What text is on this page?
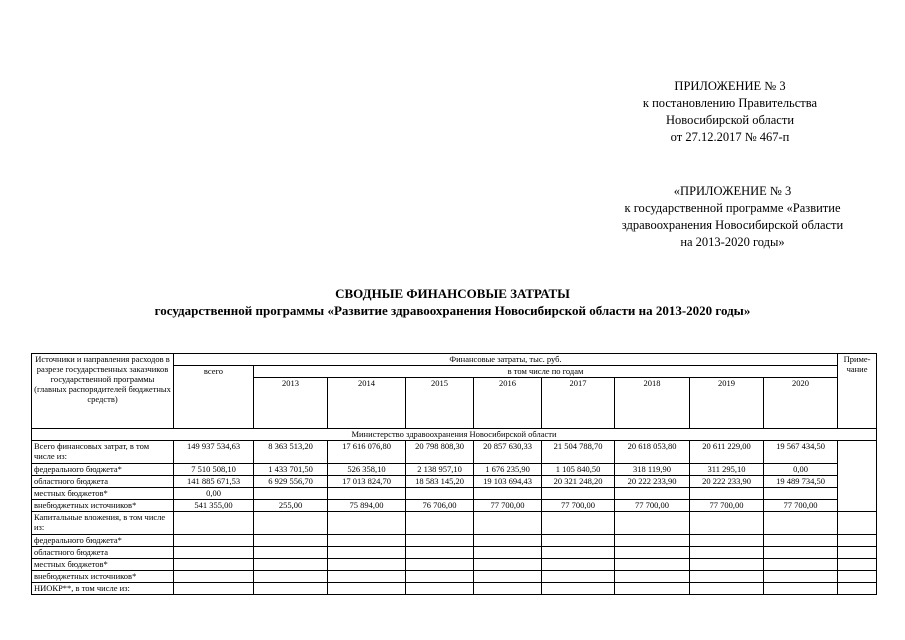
ПРИЛОЖЕНИЕ № 3
к постановлению Правительства
Новосибирской области
от 27.12.2017 № 467-п
«ПРИЛОЖЕНИЕ № 3
к государственной программе «Развитие
здравоохранения Новосибирской области
на 2013-2020 годы»
СВОДНЫЕ ФИНАНСОВЫЕ ЗАТРАТЫ
государственной программы «Развитие здравоохранения Новосибирской области на 2013-2020 годы»
Источники и направления расходов в разрезе государственных заказчиков государственной программы (главных распорядителей бюджетных средств)	Финансовые затраты, тыс. руб.									Приме-чание
	всего	в том числе по годам								
		2013	2014	2015	2016	2017	2018	2019	2020	
Министерство здравоохранения Новосибирской области										
Всего финансовых затрат, в том числе из:	149 937 534,63	8 363 513,20	17 616 076,80	20 798 808,30	20 857 630,33	21 504 788,70	20 618 053,80	20 611 229,00	19 567 434,50	
федерального бюджета*	7 510 508,10	1 433 701,50	526 358,10	2 138 957,10	1 676 235,90	1 105 840,50	318 119,90	311 295,10	0,00	
областного бюджета	141 885 671,53	6 929 556,70	17 013 824,70	18 583 145,20	19 103 694,43	20 321 248,20	20 222 233,90	20 222 233,90	19 489 734,50	
местных бюджетов*	0,00									
внебюджетных источников*	541 355,00	255,00	75 894,00	76 706,00	77 700,00	77 700,00	77 700,00	77 700,00	77 700,00	
Капитальные вложения, в том числе из:										
федерального бюджета*										
областного бюджета										
местных бюджетов*										
внебюджетных источников*										
НИОКР**, в том числе из:										
